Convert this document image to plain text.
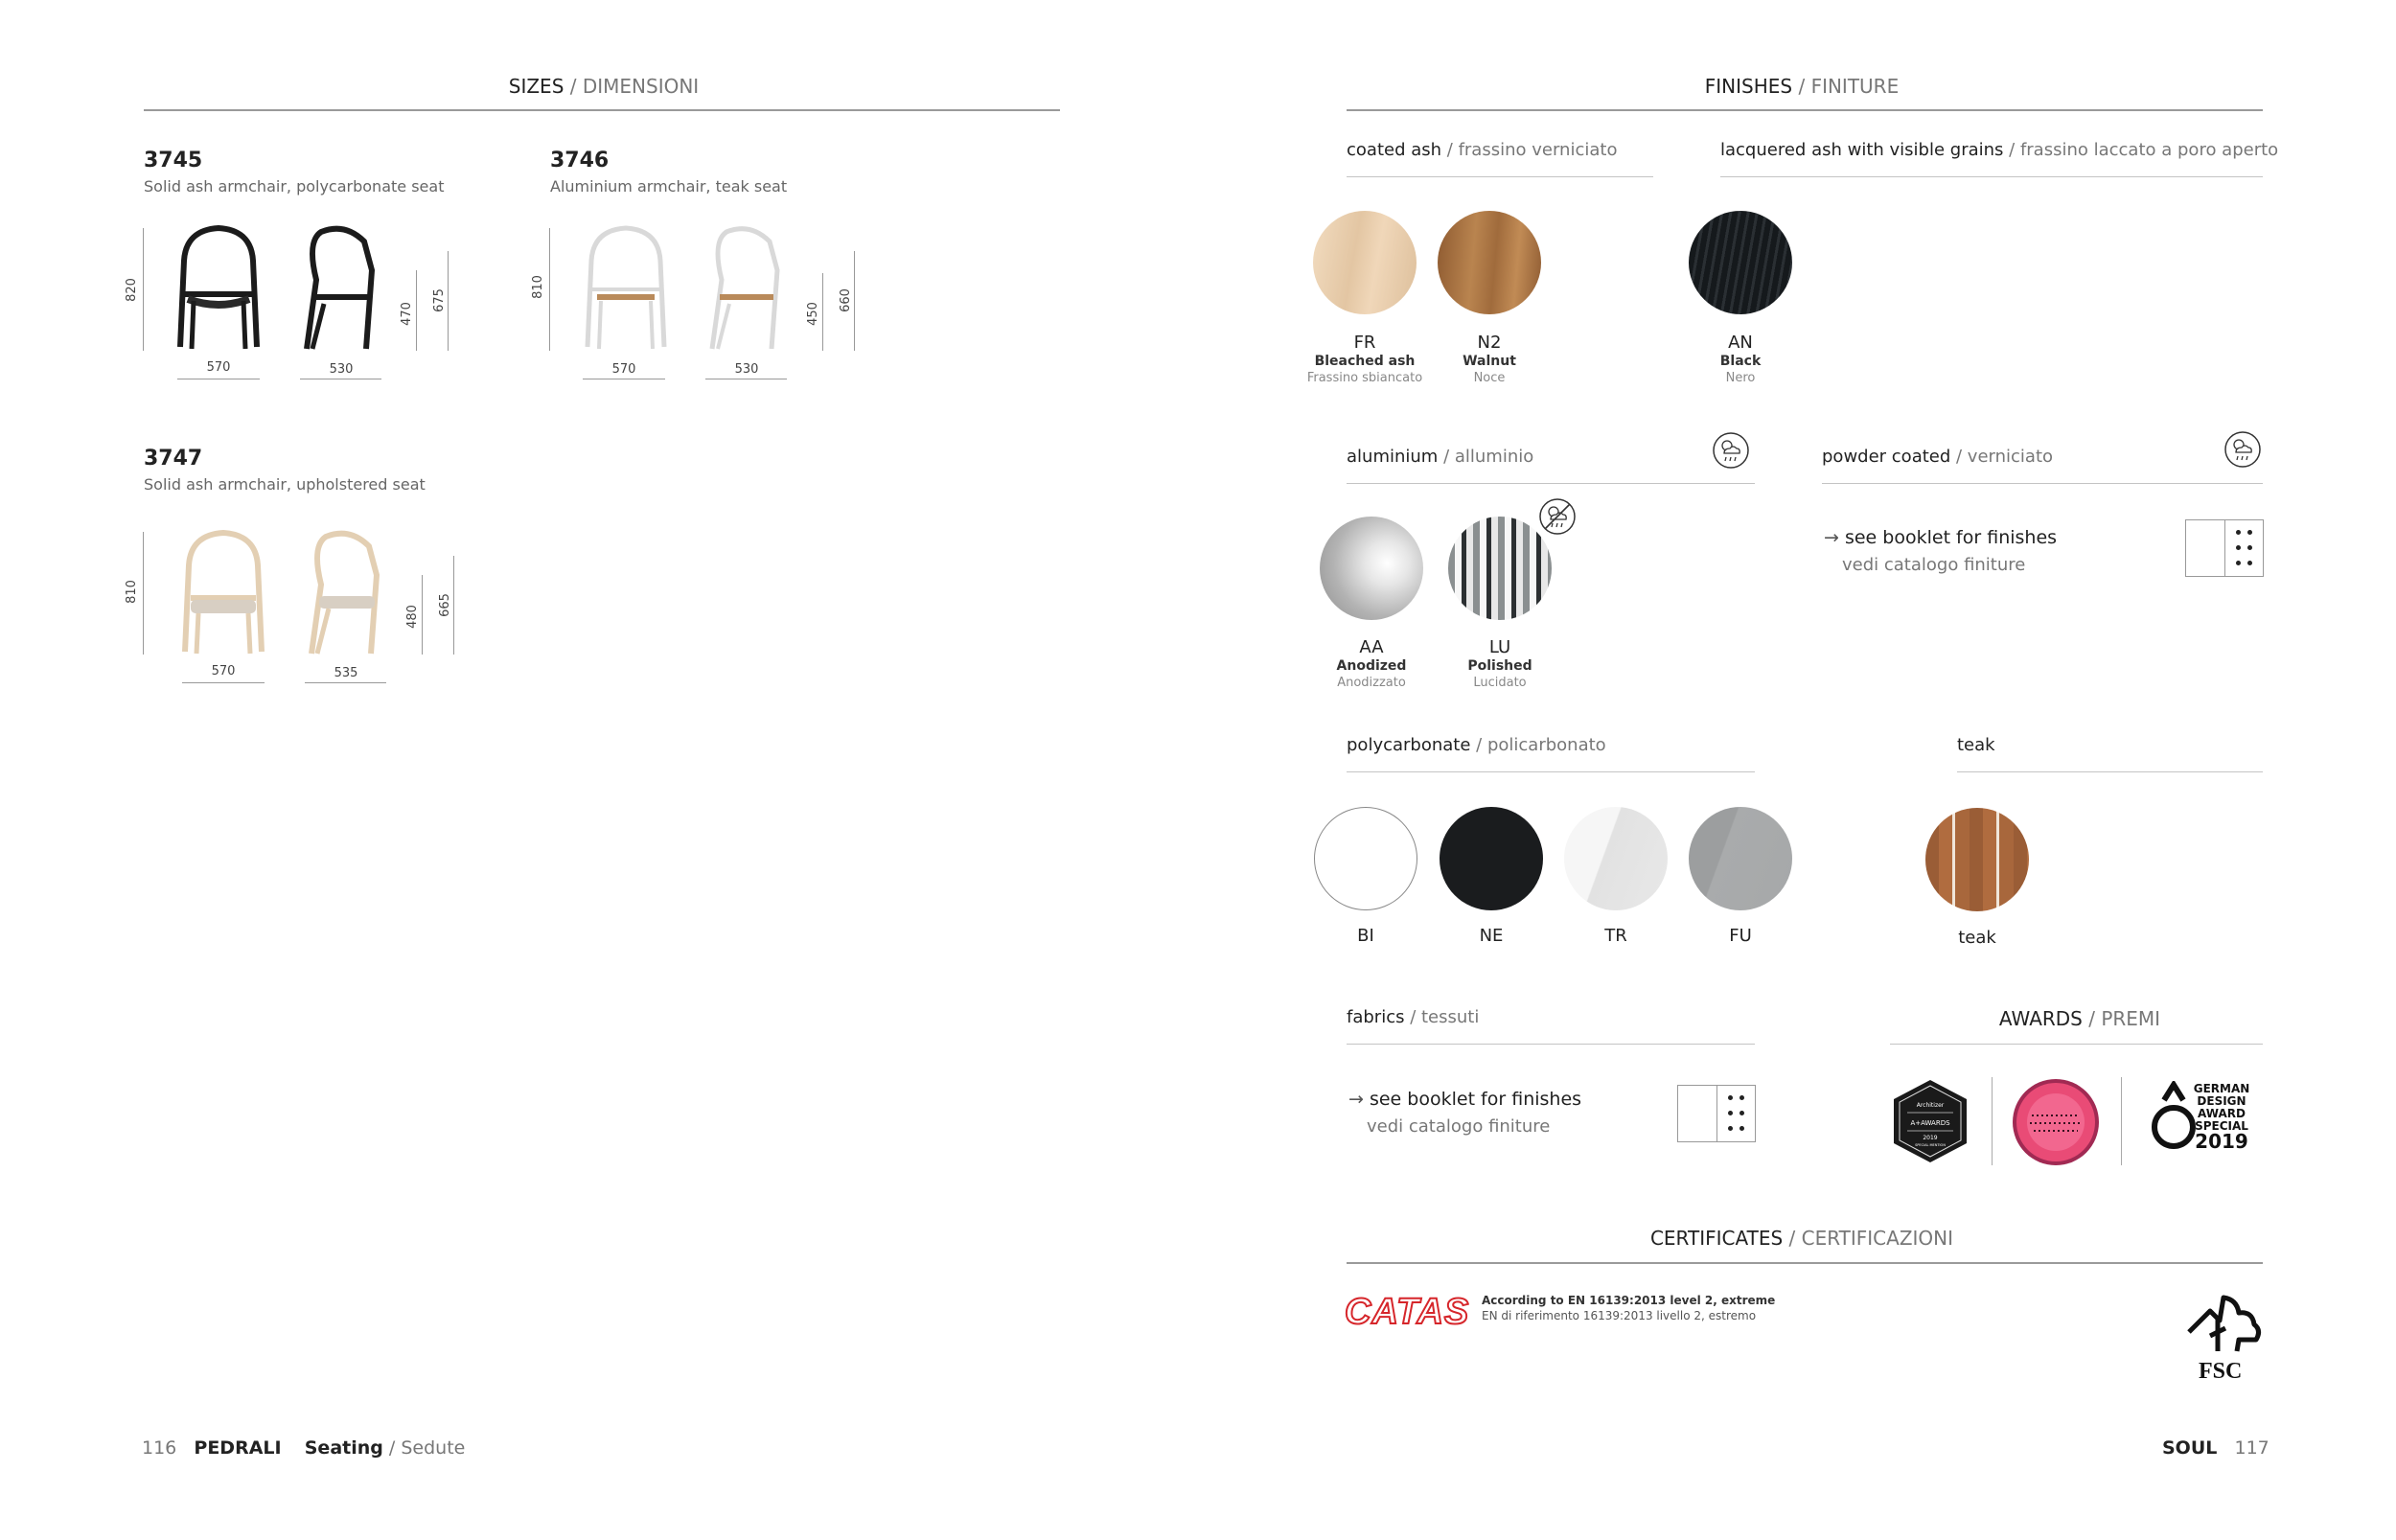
SIZES / DIMENSIONI
3745
Solid ash armchair, polycarbonate seat
820
570	530
470
675
3746
Aluminium armchair, teak seat
810
570	530
450
660
3747
Solid ash armchair, upholstered seat
810
570	535
480 665
116 PEDRALI Seating / Sedute
FINISHES / FINITURE
coated ash / frassino verniciato	lacquered ash with visible grains / frassino laccato a poro aperto
FR
Bleached ash
Frassino sbiancato
N2
Walnut
Noce
AN
Black
Nero
aluminium / alluminio	powder coated / verniciato
AA
Anodized
Anodizzato
LU
Polished
Lucidato
→ see booklet for finishes
vedi catalogo finiture
polycarbonate / policarbonato	teak
BI	NE	TR	FU	teak
fabrics / tessuti
→ see booklet for finishes
vedi catalogo finiture
AWARDS / PREMI
Architizer
A+AWARDS
2019
SPECIAL MENTION
GERMAN
DESIGN
AWARD
SPECIAL
2019
CERTIFICATES / CERTIFICAZIONI
CATAS According to EN 16139:2013 level 2, extreme
EN di riferimento 16139:2013 livello 2, estremo
FSC
SOUL 117
